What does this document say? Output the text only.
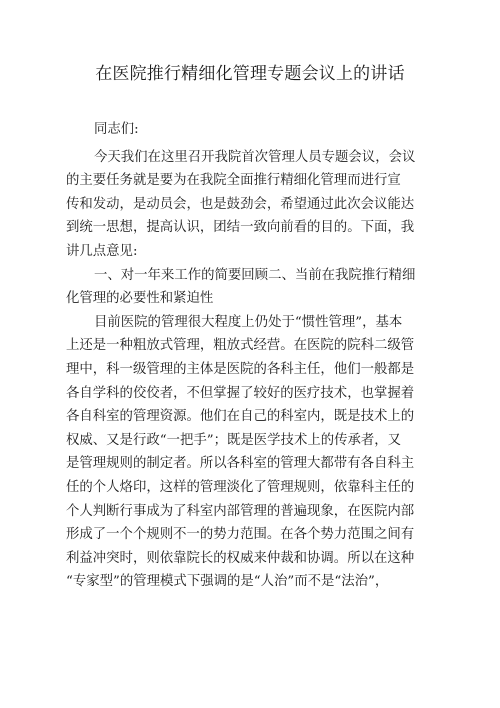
在医院推行精细化管理专题会议上的讲话
同志们:
今天我们在这里召开我院首次管理人员专题会议，会议
的主要任务就是要为在我院全面推行精细化管理而进行宣
传和发动，是动员会，也是鼓劲会，希望通过此次会议能达
到统一思想，提高认识，团结一致向前看的目的。下面，我
讲几点意见:
一、对一年来工作的简要回顾二、当前在我院推行精细
化管理的必要性和紧迫性
目前医院的管理很大程度上仍处于“惯性管理”，基本
上还是一种粗放式管理，粗放式经营。在医院的院科二级管
理中，科一级管理的主体是医院的各科主任，他们一般都是
各自学科的佼佼者，不但掌握了较好的医疗技术，也掌握着
各自科室的管理资源。他们在自己的科室内，既是技术上的
权威、又是行政“一把手”；既是医学技术上的传承者，又
是管理规则的制定者。所以各科室的管理大都带有各自科主
任的个人烙印，这样的管理淡化了管理规则，依靠科主任的
个人判断行事成为了科室内部管理的普遍现象，在医院内部
形成了一个个规则不一的势力范围。在各个势力范围之间有
利益冲突时，则依靠院长的权威来仲裁和协调。所以在这种
“专家型”的管理模式下强调的是“人治”而不是“法治”，
